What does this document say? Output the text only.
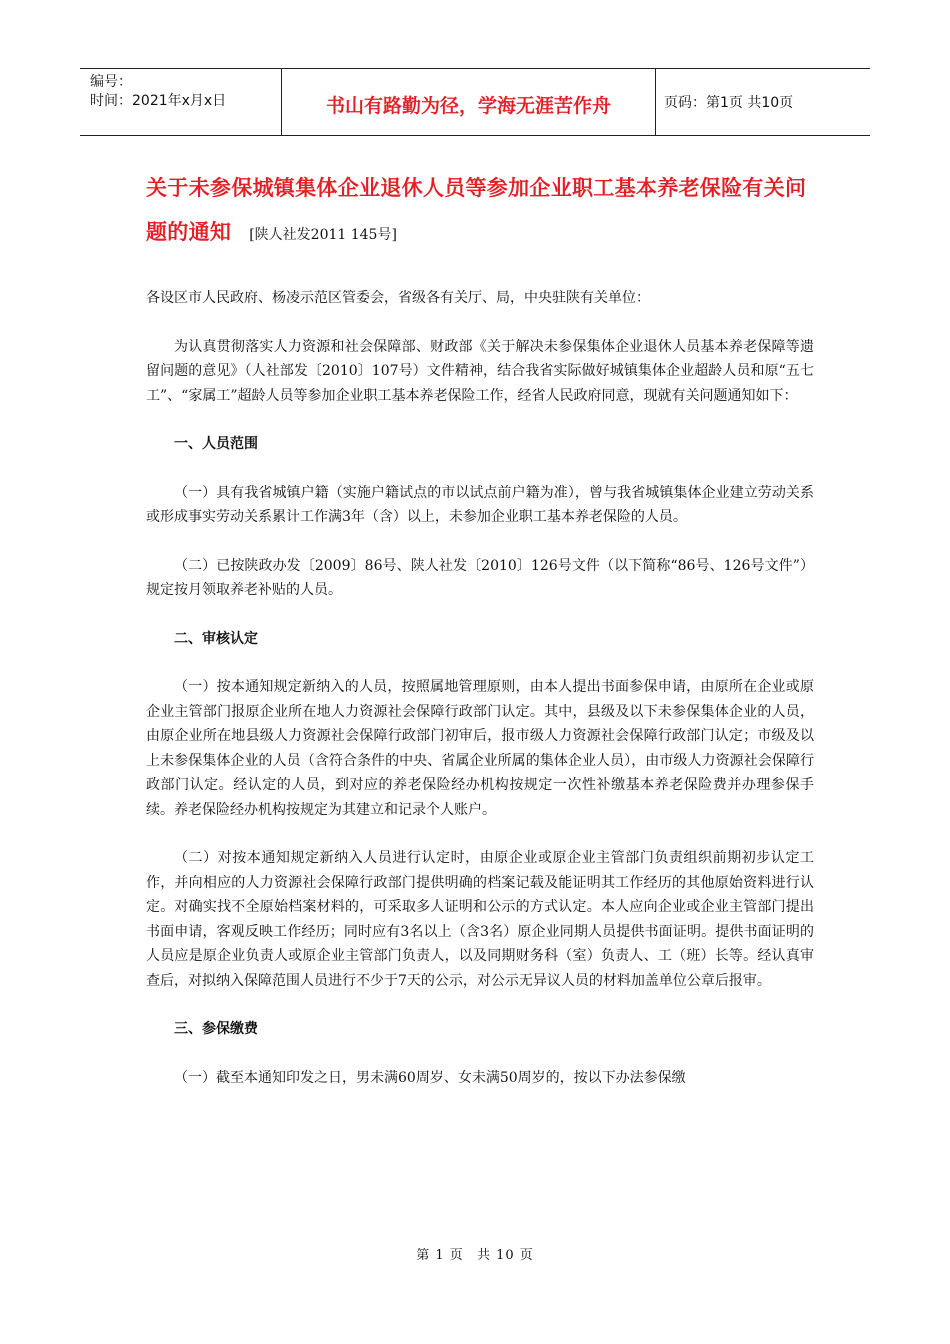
编号：
时间：2021年x月x日	书山有路勤为径，学海无涯苦作舟	页码：第1页 共10页
关于未参保城镇集体企业退休人员等参加企业职工基本养老保险有关问题的通知 [陕人社发2011 145号]

各设区市人民政府、杨凌示范区管委会，省级各有关厅、局，中央驻陕有关单位：

为认真贯彻落实人力资源和社会保障部、财政部《关于解决未参保集体企业退休人员基本养老保障等遗留问题的意见》（人社部发〔2010〕107号）文件精神，结合我省实际做好城镇集体企业超龄人员和原“五七工”、“家属工”超龄人员等参加企业职工基本养老保险工作，经省人民政府同意，现就有关问题通知如下：

一、人员范围

（一）具有我省城镇户籍（实施户籍试点的市以试点前户籍为准），曾与我省城镇集体企业建立劳动关系或形成事实劳动关系累计工作满3年（含）以上，未参加企业职工基本养老保险的人员。

（二）已按陕政办发〔2009〕86号、陕人社发〔2010〕126号文件（以下简称“86号、126号文件”）规定按月领取养老补贴的人员。

二、审核认定

（一）按本通知规定新纳入的人员，按照属地管理原则，由本人提出书面参保申请，由原所在企业或原企业主管部门报原企业所在地人力资源社会保障行政部门认定。其中，县级及以下未参保集体企业的人员，由原企业所在地县级人力资源社会保障行政部门初审后，报市级人力资源社会保障行政部门认定；市级及以上未参保集体企业的人员（含符合条件的中央、省属企业所属的集体企业人员），由市级人力资源社会保障行政部门认定。经认定的人员，到对应的养老保险经办机构按规定一次性补缴基本养老保险费并办理参保手续。养老保险经办机构按规定为其建立和记录个人账户。

（二）对按本通知规定新纳入人员进行认定时，由原企业或原企业主管部门负责组织前期初步认定工作，并向相应的人力资源社会保障行政部门提供明确的档案记载及能证明其工作经历的其他原始资料进行认定。对确实找不全原始档案材料的，可采取多人证明和公示的方式认定。本人应向企业或企业主管部门提出书面申请，客观反映工作经历；同时应有3名以上（含3名）原企业同期人员提供书面证明。提供书面证明的人员应是原企业负责人或原企业主管部门负责人，以及同期财务科（室）负责人、工（班）长等。经认真审查后，对拟纳入保障范围人员进行不少于7天的公示，对公示无异议人员的材料加盖单位公章后报审。

三、参保缴费

（一）截至本通知印发之日，男未满60周岁、女未满50周岁的，按以下办法参保缴

第 1 页 共 10 页
